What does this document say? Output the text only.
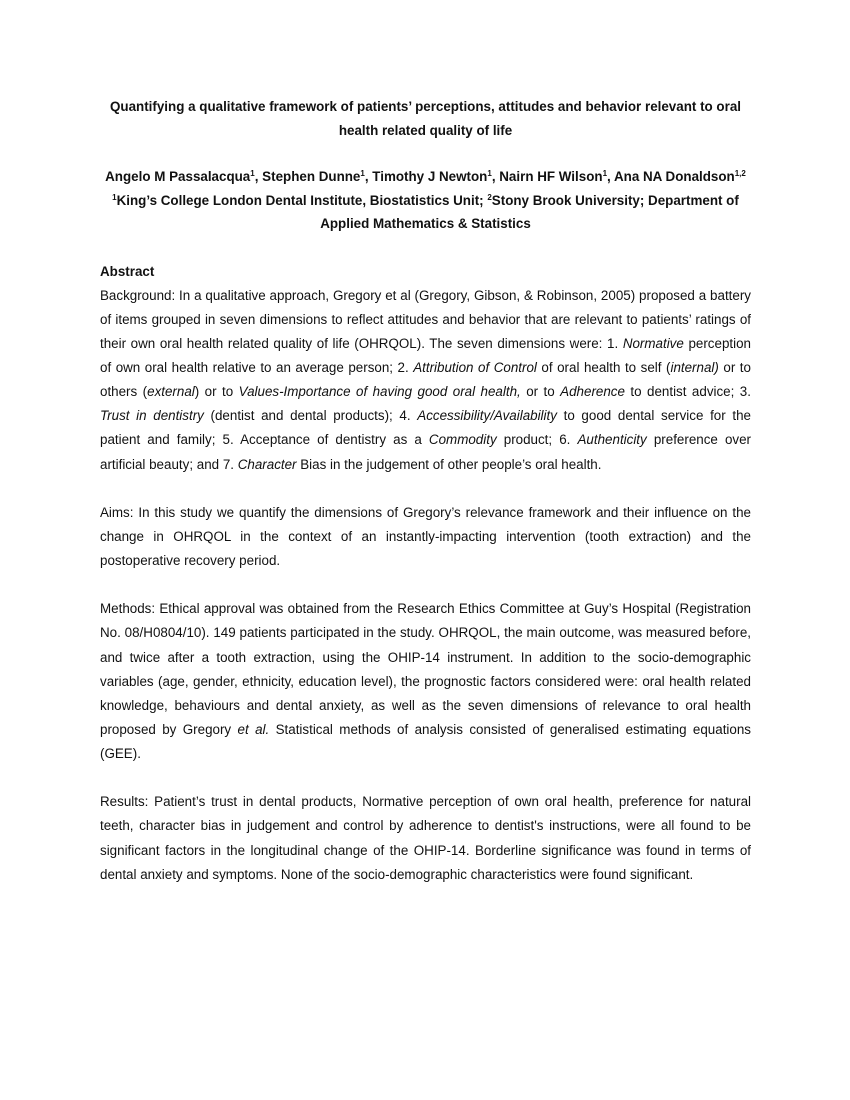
Quantifying a qualitative framework of patients’ perceptions, attitudes and behavior relevant to oral health related quality of life
Angelo M Passalacqua$^1$, Stephen Dunne$^1$, Timothy J Newton$^1$, Nairn HF Wilson$^1$, Ana NA Donaldson$^{1,2}$
$^1$King’s College London Dental Institute, Biostatistics Unit; $^2$Stony Brook University; Department of Applied Mathematics & Statistics
Abstract

Background: In a qualitative approach, Gregory et al (Gregory, Gibson, & Robinson, 2005) proposed a battery of items grouped in seven dimensions to reflect attitudes and behavior that are relevant to patients’ ratings of their own oral health related quality of life (OHRQOL). The seven dimensions were: 1. Normative perception of own oral health relative to an average person; 2. Attribution of Control of oral health to self (internal) or to others (external) or to Values-Importance of having good oral health, or to Adherence to dentist advice; 3. Trust in dentistry (dentist and dental products); 4. Accessibility/Availability to good dental service for the patient and family; 5. Acceptance of dentistry as a Commodity product; 6. Authenticity preference over artificial beauty; and 7. Character Bias in the judgement of other people’s oral health.

Aims: In this study we quantify the dimensions of Gregory’s relevance framework and their influence on the change in OHRQOL in the context of an instantly-impacting intervention (tooth extraction) and the postoperative recovery period.

Methods: Ethical approval was obtained from the Research Ethics Committee at Guy’s Hospital (Registration No. 08/H0804/10). 149 patients participated in the study. OHRQOL, the main outcome, was measured before, and twice after a tooth extraction, using the OHIP-14 instrument. In addition to the socio-demographic variables (age, gender, ethnicity, education level), the prognostic factors considered were: oral health related knowledge, behaviours and dental anxiety, as well as the seven dimensions of relevance to oral health proposed by Gregory et al. Statistical methods of analysis consisted of generalised estimating equations (GEE).

Results: Patient’s trust in dental products, Normative perception of own oral health, preference for natural teeth, character bias in judgement and control by adherence to dentist's instructions, were all found to be significant factors in the longitudinal change of the OHIP-14. Borderline significance was found in terms of dental anxiety and symptoms. None of the socio-demographic characteristics were found significant.
